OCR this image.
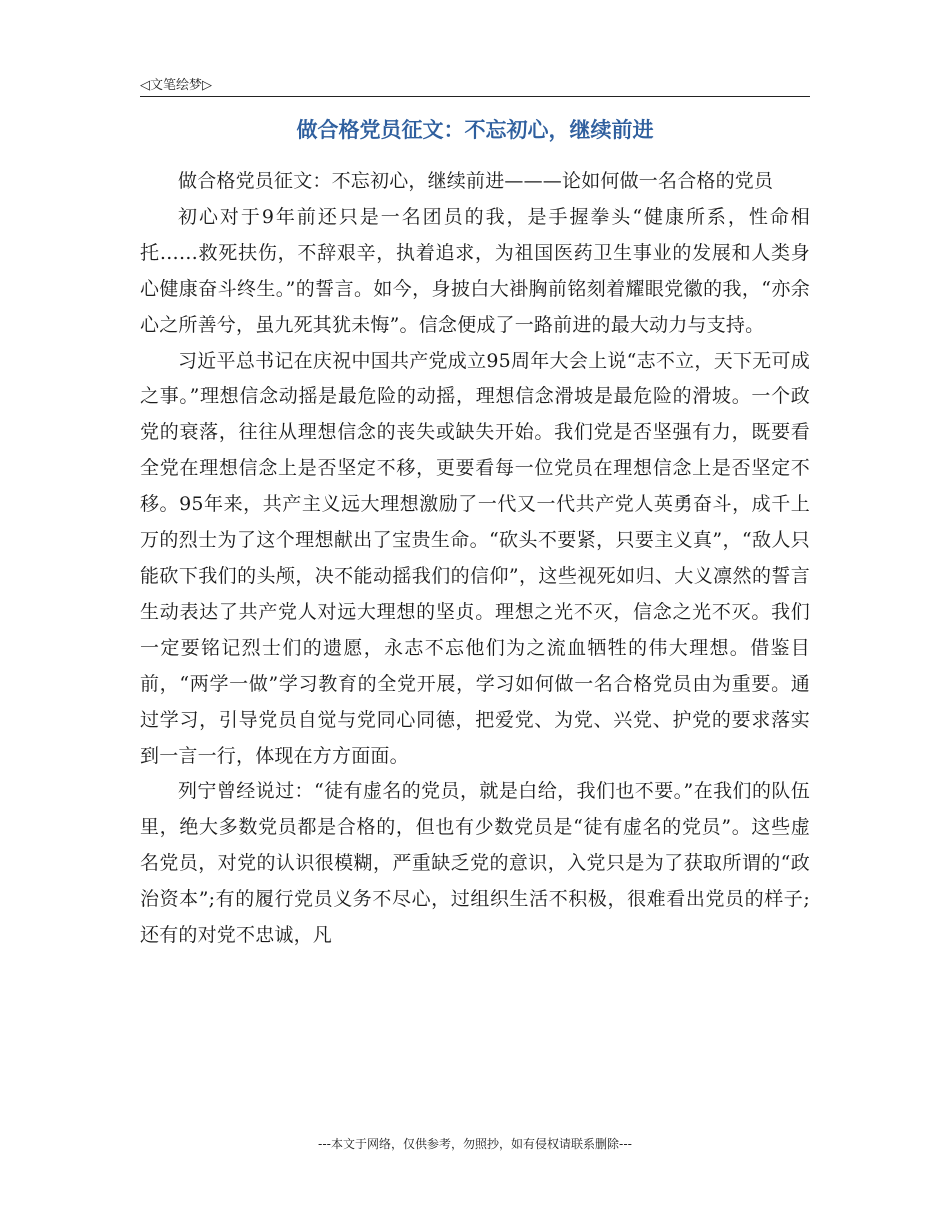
◁文笔绘梦▷
做合格党员征文：不忘初心，继续前进

做合格党员征文：不忘初心，继续前进———论如何做一名合格的党员

初心对于9年前还只是一名团员的我，是手握拳头“健康所系，性命相托……救死扶伤，不辞艰辛，执着追求，为祖国医药卫生事业的发展和人类身心健康奋斗终生。”的誓言。如今，身披白大褂胸前铭刻着耀眼党徽的我，“亦余心之所善兮，虽九死其犹未悔”。信念便成了一路前进的最大动力与支持。

习近平总书记在庆祝中国共产党成立95周年大会上说“志不立，天下无可成之事。”理想信念动摇是最危险的动摇，理想信念滑坡是最危险的滑坡。一个政党的衰落，往往从理想信念的丧失或缺失开始。我们党是否坚强有力，既要看全党在理想信念上是否坚定不移，更要看每一位党员在理想信念上是否坚定不移。95年来，共产主义远大理想激励了一代又一代共产党人英勇奋斗，成千上万的烈士为了这个理想献出了宝贵生命。“砍头不要紧，只要主义真”，“敌人只能砍下我们的头颅，决不能动摇我们的信仰”，这些视死如归、大义凛然的誓言生动表达了共产党人对远大理想的坚贞。理想之光不灭，信念之光不灭。我们一定要铭记烈士们的遗愿，永志不忘他们为之流血牺牲的伟大理想。借鉴目前，“两学一做”学习教育的全党开展，学习如何做一名合格党员由为重要。通过学习，引导党员自觉与党同心同德，把爱党、为党、兴党、护党的要求落实到一言一行，体现在方方面面。

列宁曾经说过：“徒有虚名的党员，就是白给，我们也不要。”在我们的队伍里，绝大多数党员都是合格的，但也有少数党员是“徒有虚名的党员”。这些虚名党员，对党的认识很模糊，严重缺乏党的意识，入党只是为了获取所谓的“政治资本”;有的履行党员义务不尽心，过组织生活不积极，很难看出党员的样子;还有的对党不忠诚，凡

---本文于网络，仅供参考，勿照抄，如有侵权请联系删除---
